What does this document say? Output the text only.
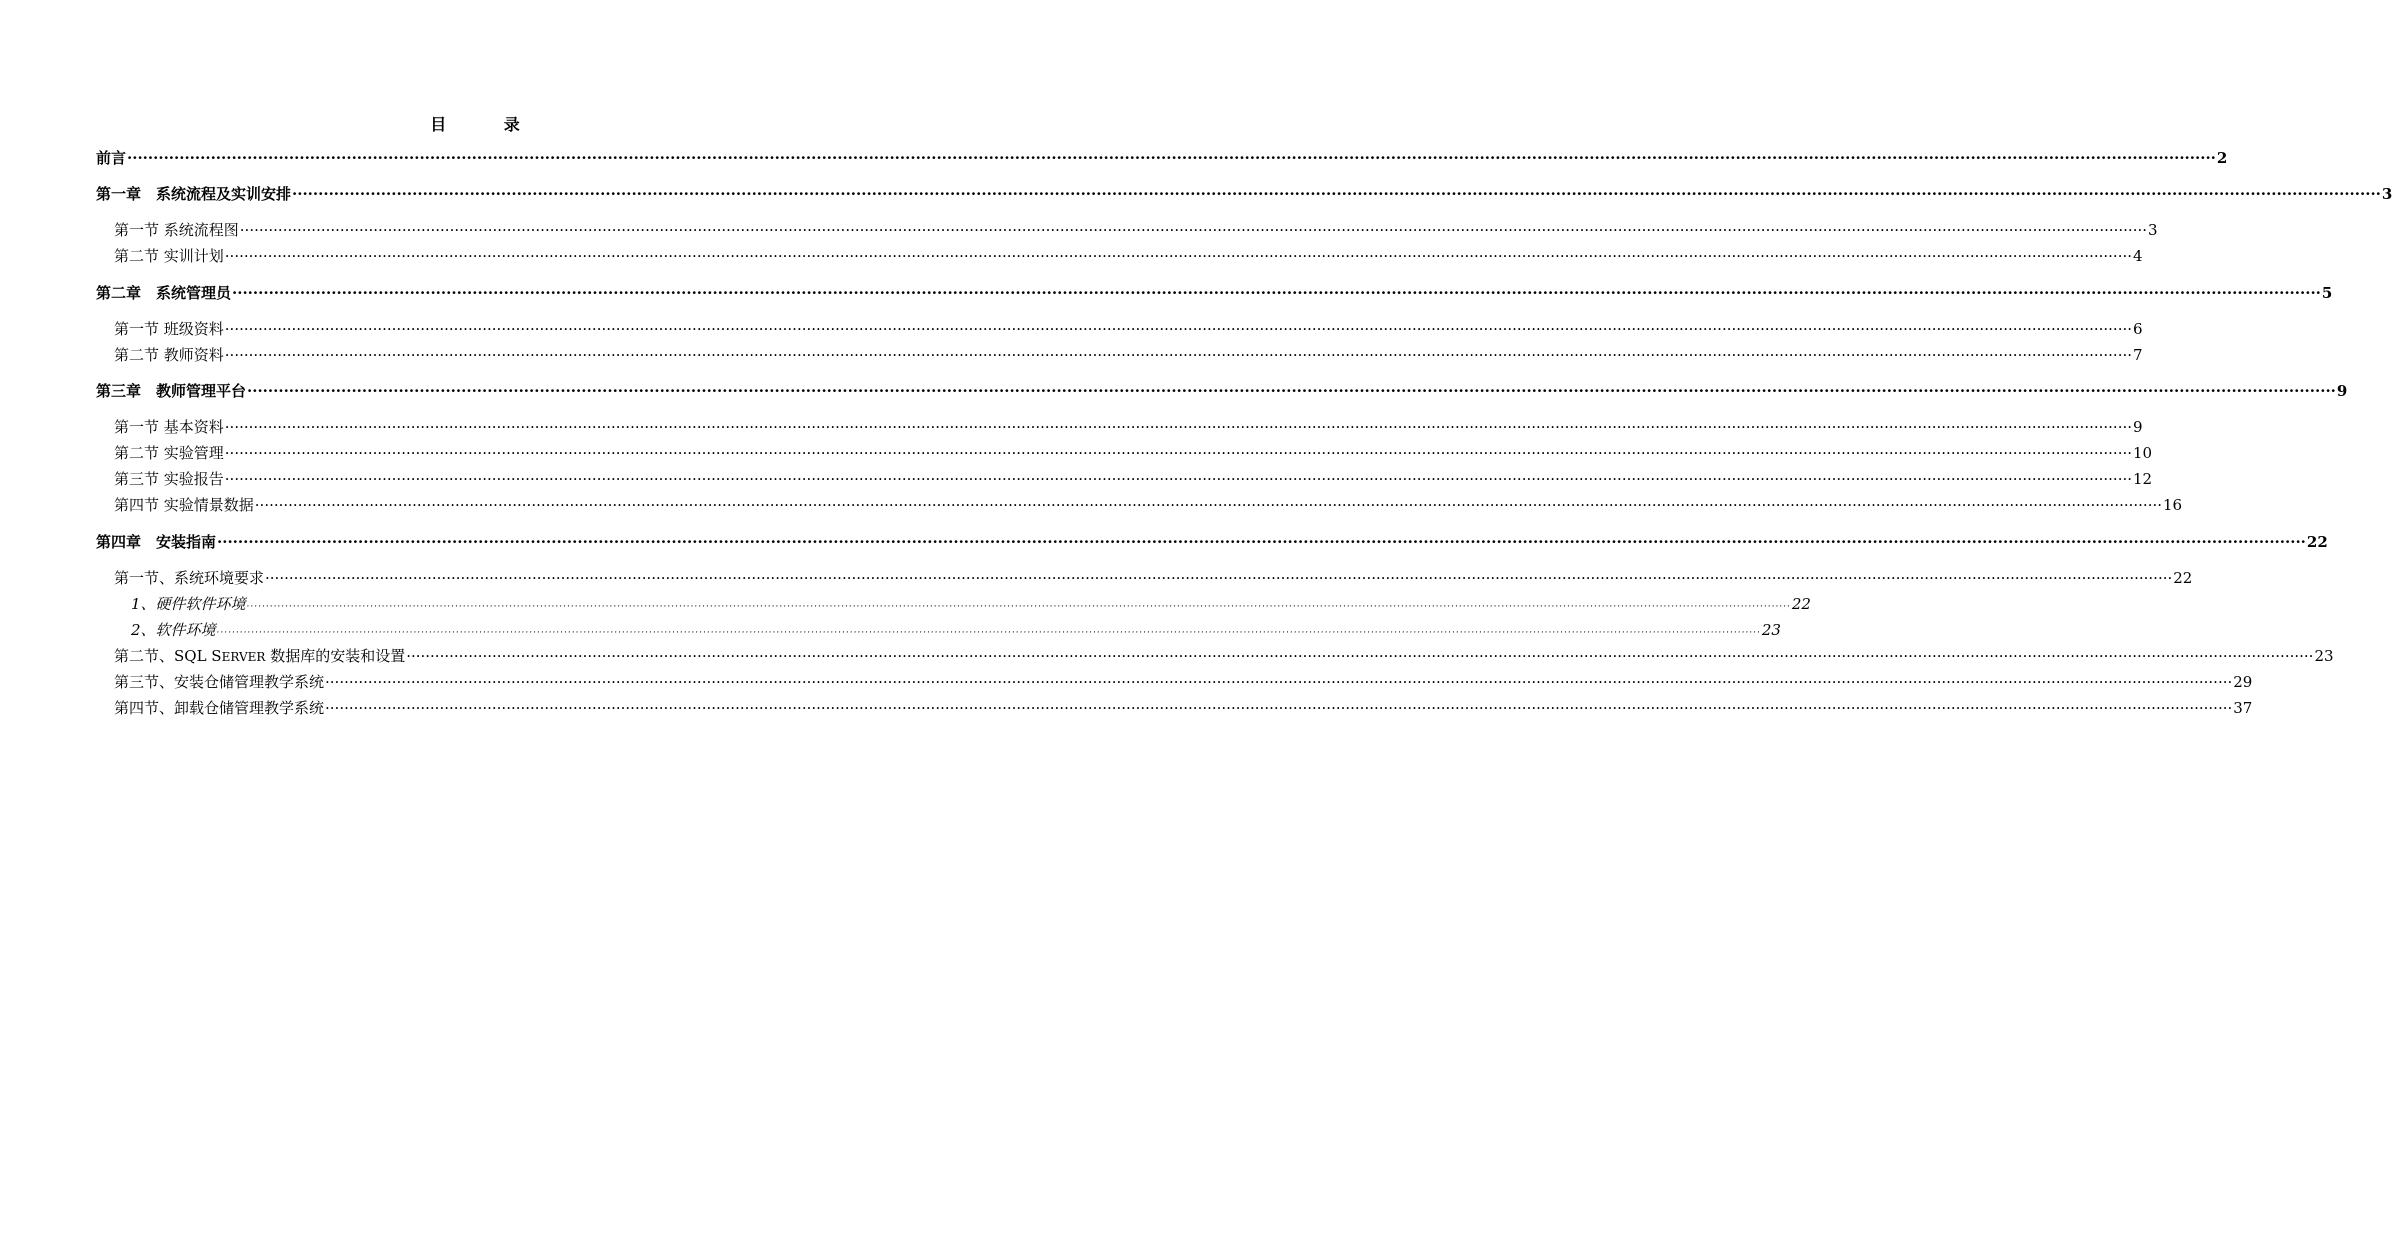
目 录
前言 ················································································································································································································································································································································································································ 2
第一章　系统流程及实训安排 ················································································································································································································································································································································································································ 3
第一节 系统流程图 ················································································································································································································································································································································································································ 3
第二节 实训计划 ················································································································································································································································································································································································································ 4
第二章　系统管理员 ················································································································································································································································································································································································································ 5
第一节 班级资料 ················································································································································································································································································································································································································ 6
第二节 教师资料 ················································································································································································································································································································································································································ 7
第三章　教师管理平台 ················································································································································································································································································································································································································ 9
第一节 基本资料 ················································································································································································································································································································································································································ 9
第二节 实验管理 ················································································································································································································································································································································································································ 10
第三节 实验报告 ················································································································································································································································································································································································································ 12
第四节 实验情景数据 ················································································································································································································································································································································································································ 16
第四章　安装指南 ················································································································································································································································································································································································································ 22
第一节、系统环境要求 ················································································································································································································································································································································································································ 22
1、硬件软件环境 ················································································································································································································································································································································································································ 22
2、软件环境 ················································································································································································································································································································································································································ 23
第二节、SQL SERVER 数据库的安装和设置 ················································································································································································································································································································································································································ 23
第三节、安装仓储管理教学系统 ················································································································································································································································································································································································································ 29
第四节、卸载仓储管理教学系统 ················································································································································································································································································································································································································ 37
